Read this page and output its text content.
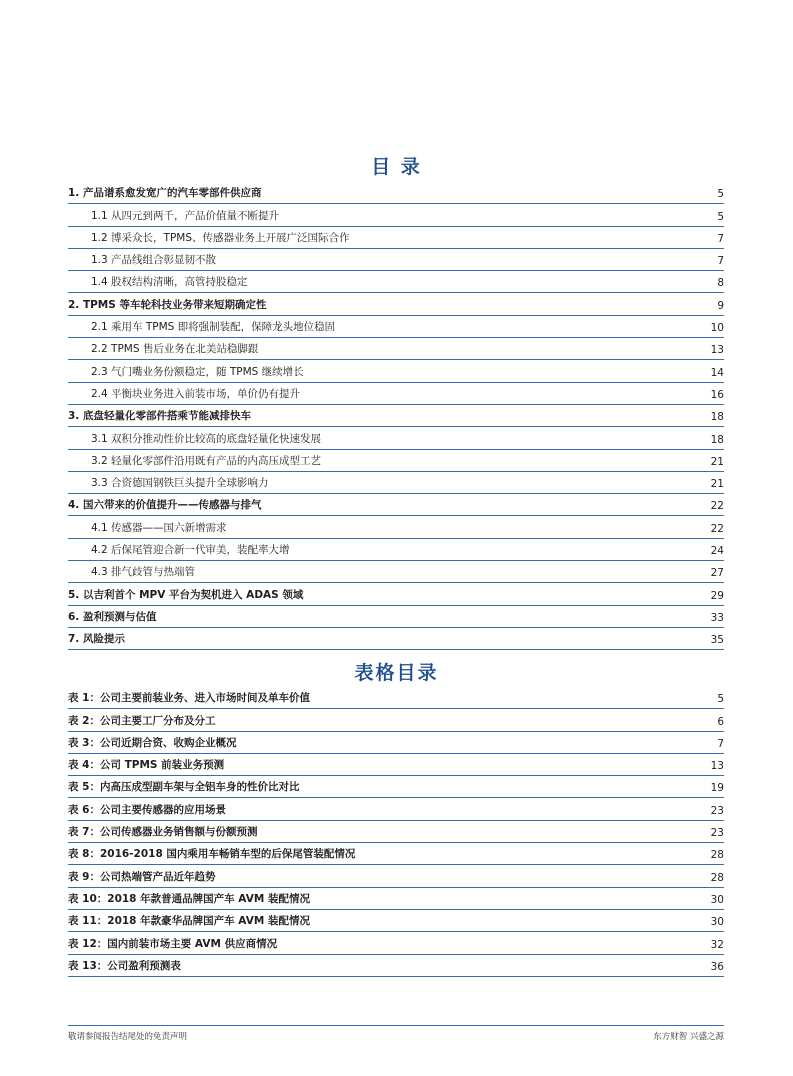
目 录
1. 产品谱系愈发宽广的汽车零部件供应商	5
1.1 从四元到两千，产品价值量不断提升	5
1.2 博采众长，TPMS、传感器业务上开展广泛国际合作	7
1.3 产品线组合彰显韧不散	7
1.4 股权结构清晰，高管持股稳定	8
2. TPMS 等车轮科技业务带来短期确定性	9
2.1 乘用车 TPMS 即将强制装配，保障龙头地位稳固	10
2.2 TPMS 售后业务在北美站稳脚跟	13
2.3 气门嘴业务份额稳定，随 TPMS 继续增长	14
2.4 平衡块业务进入前装市场，单价仍有提升	16
3. 底盘轻量化零部件搭乘节能减排快车	18
3.1 双积分推动性价比较高的底盘轻量化快速发展	18
3.2 轻量化零部件沿用既有产品的内高压成型工艺	21
3.3 合资德国钢铁巨头提升全球影响力	21
4. 国六带来的价值提升——传感器与排气	22
4.1 传感器——国六新增需求	22
4.2 后保尾管迎合新一代审美，装配率大增	24
4.3 排气歧管与热端管	27
5. 以吉利首个 MPV 平台为契机进入 ADAS 领域	29
6. 盈利预测与估值	33
7. 风险提示	35
表格目录
表 1：公司主要前装业务、进入市场时间及单车价值	5
表 2：公司主要工厂分布及分工	6
表 3：公司近期合资、收购企业概况	7
表 4：公司 TPMS 前装业务预测	13
表 5：内高压成型副车架与全铝车身的性价比对比	19
表 6：公司主要传感器的应用场景	23
表 7：公司传感器业务销售额与份额预测	23
表 8：2016-2018 国内乘用车畅销车型的后保尾管装配情况	28
表 9：公司热端管产品近年趋势	28
表 10：2018 年款普通品牌国产车 AVM 装配情况	30
表 11：2018 年款豪华品牌国产车 AVM 装配情况	30
表 12：国内前装市场主要 AVM 供应商情况	32
表 13：公司盈利预测表	36
敬请参阅报告结尾处的免责声明	东方财智 兴盛之源
